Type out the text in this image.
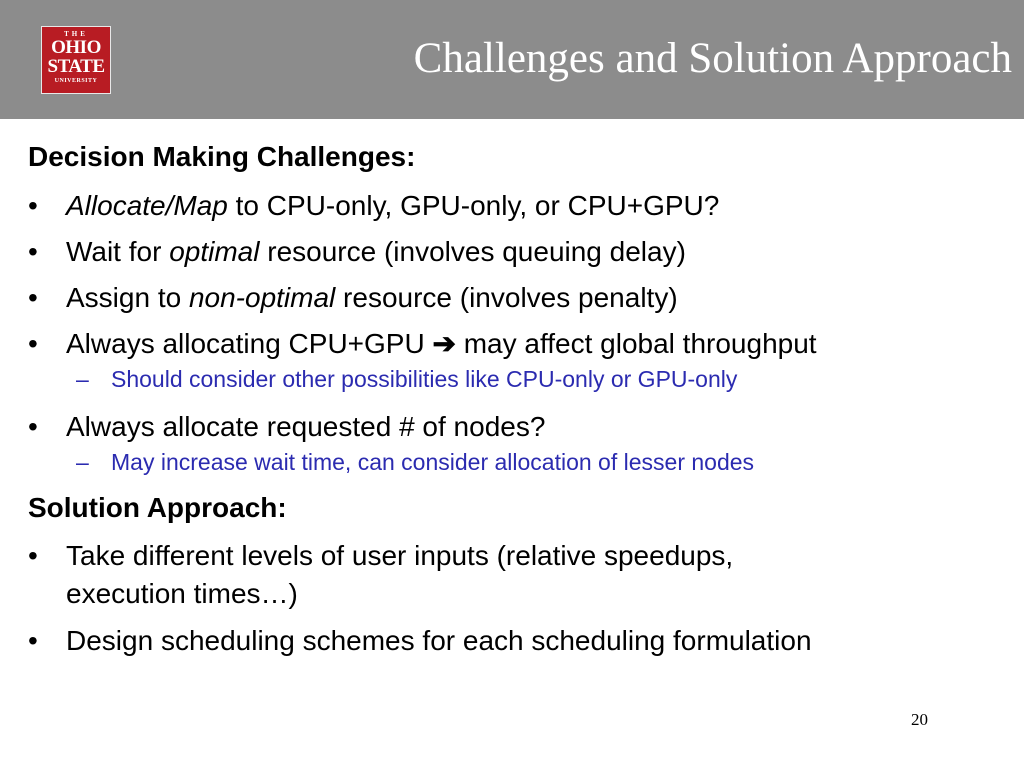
THE
OHIO
STATE
UNIVERSITY	Challenges and Solution Approach
Decision Making Challenges:
• Allocate/Map to CPU-only, GPU-only, or CPU+GPU?
• Wait for optimal resource (involves queuing delay)
• Assign to non-optimal resource (involves penalty)
• Always allocating CPU+GPU ➔ may affect global throughput
– Should consider other possibilities like CPU-only or GPU-only
• Always allocate requested # of nodes?
– May increase wait time, can consider allocation of lesser nodes
Solution Approach:
• Take different levels of user inputs (relative speedups,
execution times…)
• Design scheduling schemes for each scheduling formulation
20
